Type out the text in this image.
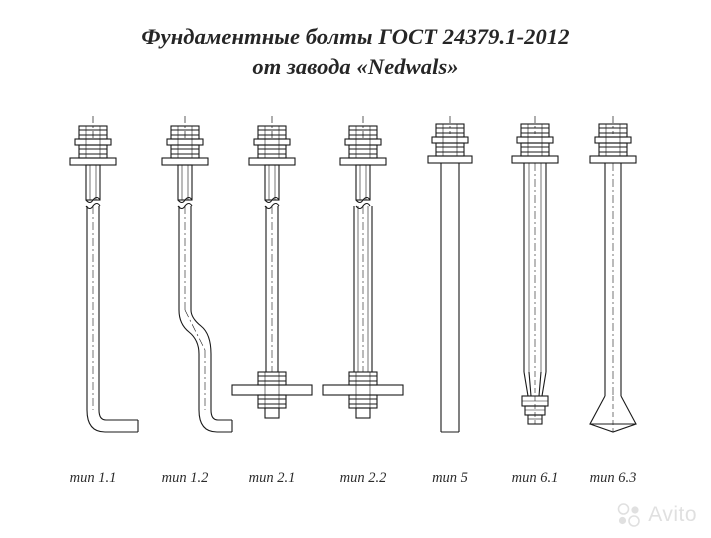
Фундаментные болты ГОСТ 24379.1-2012
от завода «Nedwals»
тип 1.1	тип 1.2	тип 2.1	тип 2.2	тип 5	тип 6.1	тип 6.3
Avito
